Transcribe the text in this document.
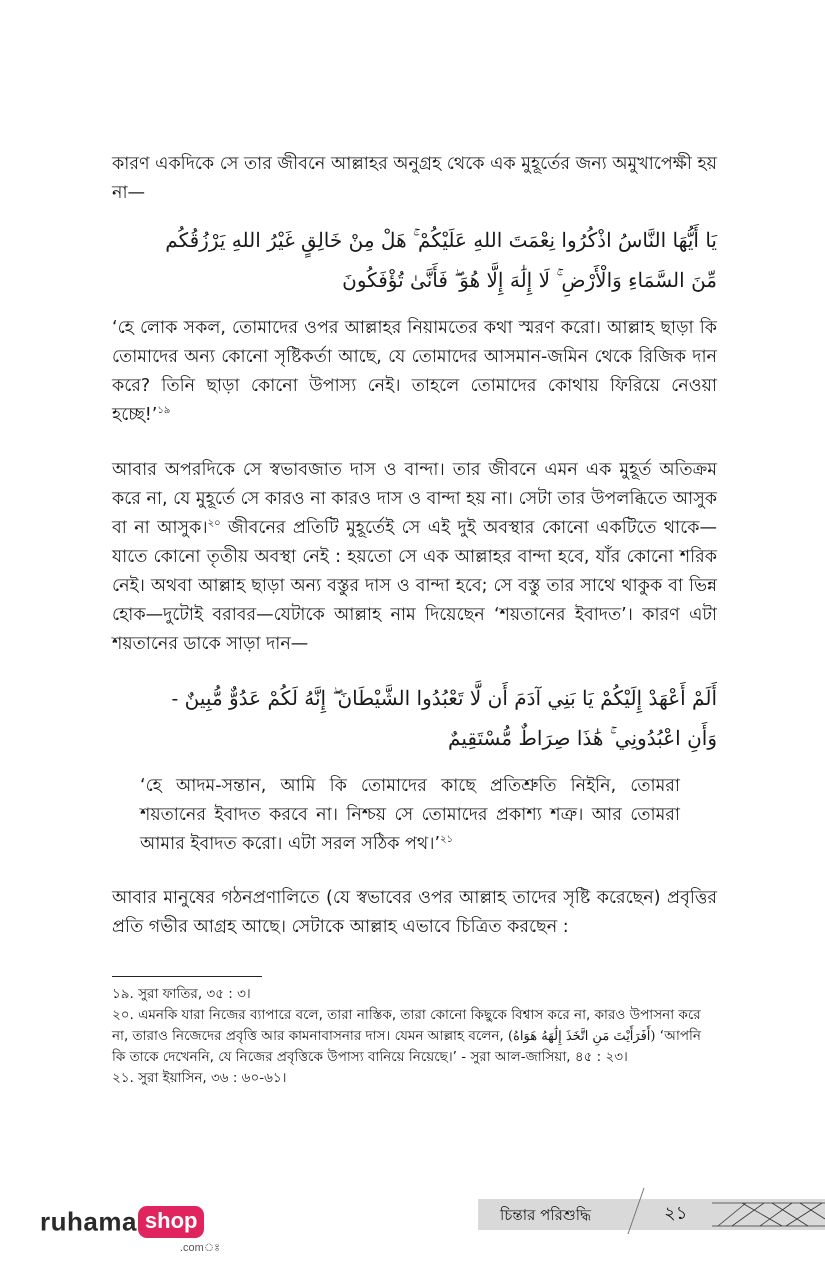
কারণ একদিকে সে তার জীবনে আল্লাহর অনুগ্রহ থেকে এক মুহূর্তের জন্য অমুখাপেক্ষী হয় না—

يَا أَيُّهَا النَّاسُ اذْكُرُوا نِعْمَتَ اللهِ عَلَيْكُمْ ۚ هَلْ مِنْ خَالِقٍ غَيْرُ اللهِ يَرْزُقُكُم

مِّنَ السَّمَاءِ وَالْأَرْضِ ۚ لَا إِلَٰهَ إِلَّا هُوَ ۖ فَأَنَّىٰ تُؤْفَكُونَ

‘হে লোক সকল, তোমাদের ওপর আল্লাহর নিয়ামতের কথা স্মরণ করো। আল্লাহ ছাড়া কি তোমাদের অন্য কোনো সৃষ্টিকর্তা আছে, যে তোমাদের আসমান-জমিন থেকে রিজিক দান করে? তিনি ছাড়া কোনো উপাস্য নেই। তাহলে তোমাদের কোথায় ফিরিয়ে নেওয়া হচ্ছে!’$^{১৯}$

আবার অপরদিকে সে স্বভাবজাত দাস ও বান্দা। তার জীবনে এমন এক মুহূর্ত অতিক্রম করে না, যে মুহূর্তে সে কারও না কারও দাস ও বান্দা হয় না। সেটা তার উপলব্ধিতে আসুক বা না আসুক।$^{২০}$ জীবনের প্রতিটি মুহূর্তেই সে এই দুই অবস্থার কোনো একটিতে থাকে—যাতে কোনো তৃতীয় অবস্থা নেই : হয়তো সে এক আল্লাহর বান্দা হবে, যাঁর কোনো শরিক নেই। অথবা আল্লাহ ছাড়া অন্য বস্তুর দাস ও বান্দা হবে; সে বস্তু তার সাথে থাকুক বা ভিন্ন হোক—দুটোই বরাবর—যেটাকে আল্লাহ নাম দিয়েছেন ‘শয়তানের ইবাদত’। কারণ এটা শয়তানের ডাকে সাড়া দান—

أَلَمْ أَعْهَدْ إِلَيْكُمْ يَا بَنِي آدَمَ أَن لَّا تَعْبُدُوا الشَّيْطَانَ ۖ إِنَّهُ لَكُمْ عَدُوٌّ مُّبِينٌ -

وَأَنِ اعْبُدُونِي ۚ هَٰذَا صِرَاطٌ مُّسْتَقِيمٌ

‘হে আদম-সন্তান, আমি কি তোমাদের কাছে প্রতিশ্রুতি নিইনি, তোমরা শয়তানের ইবাদত করবে না। নিশ্চয় সে তোমাদের প্রকাশ্য শত্রু। আর তোমরা আমার ইবাদত করো। এটা সরল সঠিক পথ।’$^{২১}$

আবার মানুষের গঠনপ্রণালিতে (যে স্বভাবের ওপর আল্লাহ তাদের সৃষ্টি করেছেন) প্রবৃত্তির প্রতি গভীর আগ্রহ আছে। সেটাকে আল্লাহ এভাবে চিত্রিত করছেন :

১৯. সুরা ফাতির, ৩৫ : ৩।

২০. এমনকি যারা নিজের ব্যাপারে বলে, তারা নাস্তিক, তারা কোনো কিছুকে বিশ্বাস করে না, কারও উপাসনা করে না, তারাও নিজেদের প্রবৃত্তি আর কামনাবাসনার দাস। যেমন আল্লাহ বলেন, (أَفَرَأَيْتَ مَنِ اتَّخَذَ إِلَٰهَهُ هَوَاهُ) ‘আপনি কি তাকে দেখেননি, যে নিজের প্রবৃত্তিকে উপাস্য বানিয়ে নিয়েছে।’ - সুরা আল-জাসিয়া, ৪৫ : ২৩।

২১. সুরা ইয়াসিন, ৩৬ : ৬০-৬১।

চিন্তার পরিশুদ্ধি	২১
ruhama shop
.comঃ
